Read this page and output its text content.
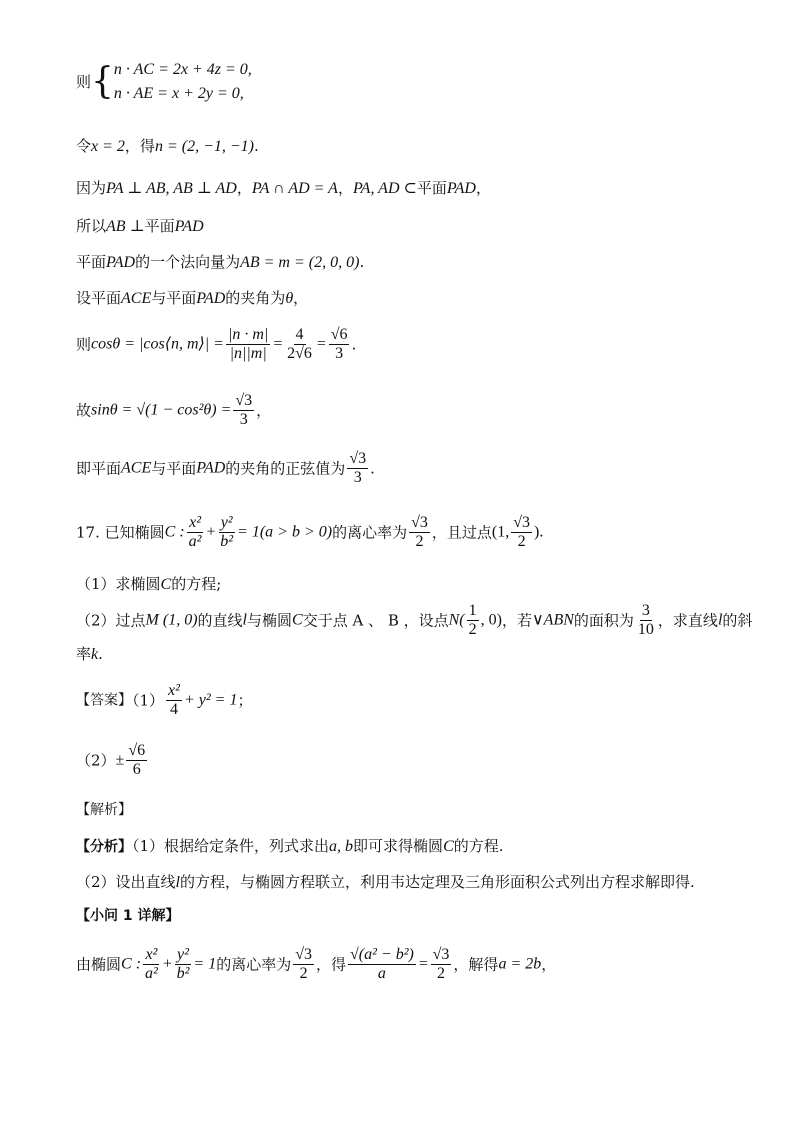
则{ n · AC = 2x + 4z = 0,
n · AE = x + 2y = 0,
令x = 2，得n = (2, −1, −1).
因为PA ⊥ AB, AB ⊥ AD，PA ∩ AD = A，PA, AD ⊂平面PAD，
所以AB ⊥平面PAD
平面PAD的一个法向量为AB = m = (2, 0, 0).
设平面ACE与平面PAD的夹角为θ，
则cosθ = |cos⟨n, m⟩| = $\frac{|n \cdot m|}{|n||m|} = \frac{4}{2√6} = \frac{√6}{3}$ .
故$\sin\theta = √(1 - \cos^2\theta) = \frac{√3}{3}$ ，
即平面ACE与平面PAD的夹角的正弦值为 $\frac{√3}{3}$ .
17. 已知椭圆C : $\frac{\text{x²}}{\text{a²}} + \frac{\text{y²}}{\text{b²}} = 1(a > b > 0)$的离心率为 $\frac{√3}{2}$ ，且过点(1, $\frac{√3}{2}$ ).
（1）求椭圆C的方程;
（2）过点M (1, 0)的直线l与椭圆C交于点 A 、 B ，设点$N( \frac{1}{2}$ , 0)，若∨ABN的面积为 $\frac{3}{10}$ ，求直线l的斜
率k.
【答案】$(1) \frac{\text{x²}}{4} + y^2 = 1$；
$(2)\pm \frac{√6}{6}$
【解析】
【分析】（1）根据给定条件，列式求出a, b即可求得椭圆C的方程.
（2）设出直线l的方程，与椭圆方程联立，利用韦达定理及三角形面积公式列出方程求解即得.
【小问 1 详解】
由椭圆C : $\frac{\text{x²}}{\text{a²}} + \frac{\text{y²}}{\text{b²}} = 1$的离心率为 $\frac{√3}{2}$ ，得 $\frac{\text{√(a² − b²)}}{a} = \frac{√3}{2}$ ，解得a = 2b，
